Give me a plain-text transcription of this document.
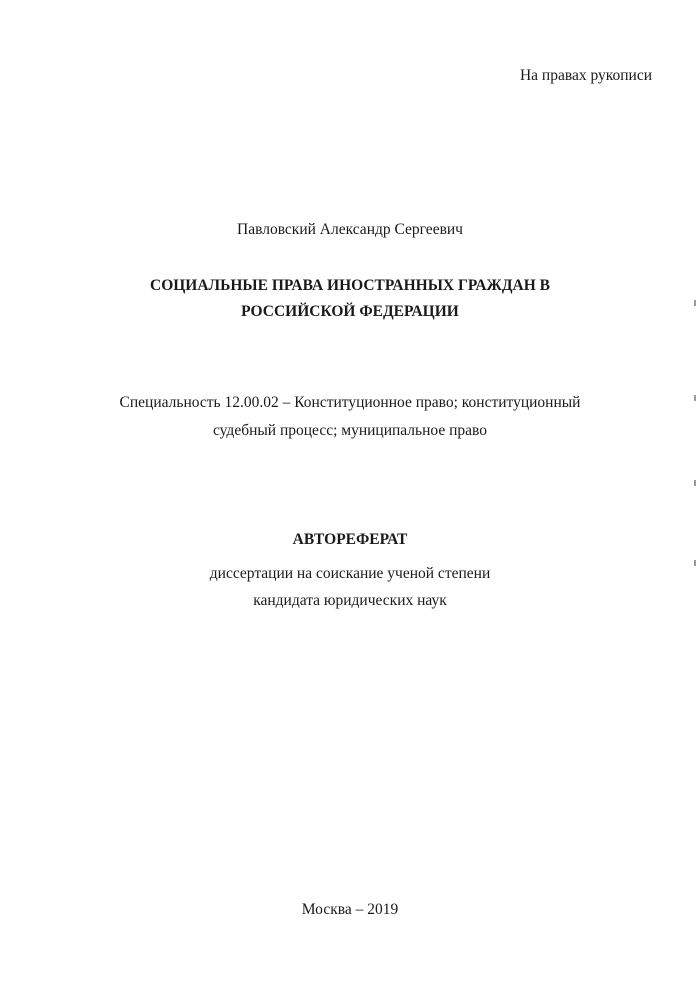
На правах рукописи
Павловский Александр Сергеевич
СОЦИАЛЬНЫЕ ПРАВА ИНОСТРАННЫХ ГРАЖДАН В
РОССИЙСКОЙ ФЕДЕРАЦИИ
Специальность 12.00.02 – Конституционное право; конституционный
судебный процесс; муниципальное право
АВТОРЕФЕРАТ
диссертации на соискание ученой степени
кандидата юридических наук
Москва – 2019
